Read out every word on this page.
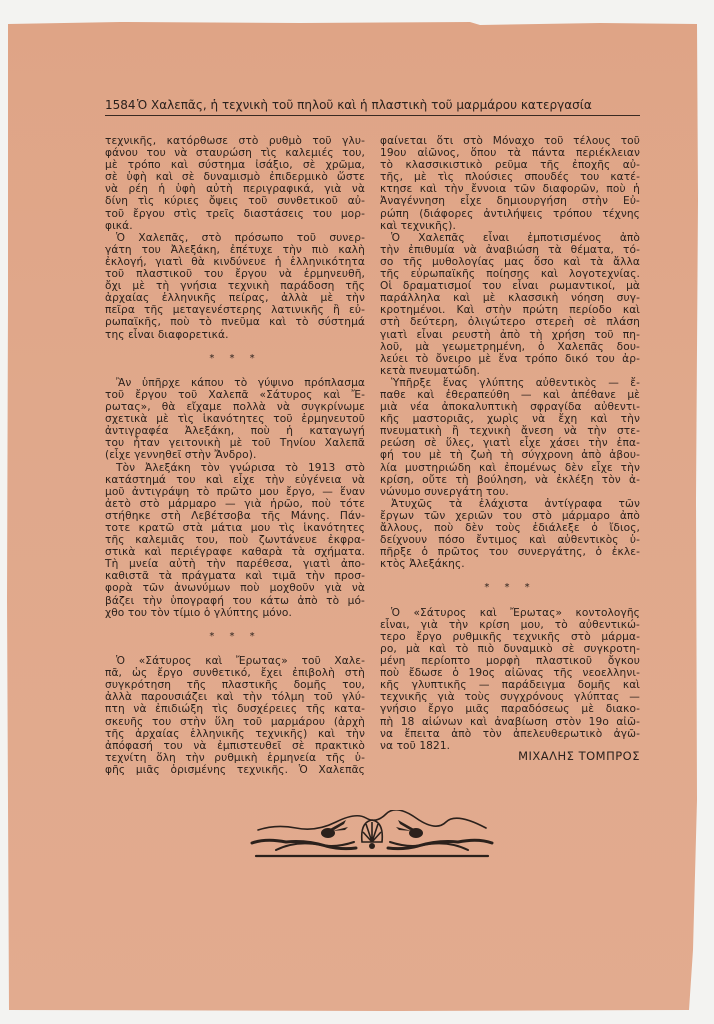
1584 Ὁ Χαλεπᾶς, ἡ τεχνικὴ τοῦ πηλοῦ καὶ ἡ πλαστικὴ τοῦ μαρμάρου κατεργασία
τεχνικῆς, κατόρθωσε στὸ ρυθμὸ τοῦ γλυ-
φάνου του νὰ σταυρώση τὶς καλεμιές του,
μὲ τρόπο καὶ σύστημα ἰσάξιο, σὲ χρῶμα,
σὲ ὑφὴ καὶ σὲ δυναμισμὸ ἐπιδερμικὸ ὥστε
νὰ ρέη ἡ ὑφὴ αὐτὴ περιγραφικά, γιὰ νὰ
δίνη τὶς κύριες ὄψεις τοῦ συνθετικοῦ αὐ-
τοῦ ἔργου στὶς τρεῖς διαστάσεις του μορ-
φικά.
Ὁ Χαλεπᾶς, στὸ πρόσωπο τοῦ συνερ-
γάτη του Ἀλεξάκη, ἐπέτυχε τὴν πιὸ καλὴ
ἐκλογή, γιατὶ θὰ κινδύνευε ἡ ἑλληνικότητα
τοῦ πλαστικοῦ του ἔργου νὰ ἑρμηνευθῆ,
ὄχι μὲ τὴ γνήσια τεχνικὴ παράδοση τῆς
ἀρχαίας ἑλληνικῆς πείρας, ἀλλὰ μὲ τὴν
πεῖρα τῆς μεταγενέστερης λατινικῆς ἢ εὐ-
ρωπαϊκῆς, ποὺ τὸ πνεῦμα καὶ τὸ σύστημά
της εἶναι διαφορετικά.
* * *
Ἂν ὑπῆρχε κάπου τὸ γύψινο πρόπλασμα
τοῦ ἔργου τοῦ Χαλεπᾶ «Σάτυρος καὶ Ἔ-
ρωτας», θὰ εἴχαμε πολλὰ νὰ συγκρίνωμε
σχετικὰ μὲ τὶς ἱκανότητες τοῦ ἑρμηνευτοῦ
ἀντιγραφέα Ἀλεξάκη, ποὺ ἡ καταγωγή
του ἦταν γειτονικὴ μὲ τοῦ Τηνίου Χαλεπᾶ
(εἶχε γεννηθεῖ στὴν Ἄνδρο).
Τὸν Ἀλεξάκη τὸν γνώρισα τὸ 1913 στὸ
κατάστημά του καὶ εἶχε τὴν εὐγένεια νὰ
μοῦ ἀντιγράψη τὸ πρῶτο μου ἔργο, — ἕναν
ἀετὸ στὸ μάρμαρο — γιὰ ἡρῶο, ποὺ τότε
στήθηκε στὴ Λεβέτσοβα τῆς Μάνης. Πάν-
τοτε κρατῶ στὰ μάτια μου τὶς ἱκανότητες
τῆς καλεμιᾶς του, ποὺ ζωντάνευε ἐκφρα-
στικὰ καὶ περιέγραφε καθαρὰ τὰ σχήματα.
Τὴ μνεία αὐτὴ τὴν παρέθεσα, γιατὶ ἀπο-
καθιστᾶ τὰ πράγματα καὶ τιμᾶ τὴν προσ-
φορὰ τῶν ἀνωνύμων ποὺ μοχθοῦν γιὰ νὰ
βάζει τὴν ὑπογραφή του κάτω ἀπὸ τὸ μό-
χθο του τὸν τίμιο ὁ γλύπτης μόνο.
* * *
Ὁ «Σάτυρος καὶ Ἔρωτας» τοῦ Χαλε-
πᾶ, ὡς ἔργο συνθετικό, ἔχει ἐπιβολὴ στὴ
συγκρότηση τῆς πλαστικῆς δομῆς του,
ἀλλὰ παρουσιάζει καὶ τὴν τόλμη τοῦ γλύ-
πτη νὰ ἐπιδιώξη τὶς δυσχέρειες τῆς κατα-
σκευῆς του στὴν ὕλη τοῦ μαρμάρου (ἀρχὴ
τῆς ἀρχαίας ἑλληνικῆς τεχνικῆς) καὶ τὴν
ἀπόφασή του νὰ ἐμπιστευθεῖ σὲ πρακτικὸ
τεχνίτη ὅλη τὴν ρυθμικὴ ἑρμηνεία τῆς ὑ-
φῆς μιᾶς ὁρισμένης τεχνικῆς. Ὁ Χαλεπᾶς
φαίνεται ὅτι στὸ Μόναχο τοῦ τέλους τοῦ
19ου αἰῶνος, ὅπου τὰ πάντα περιέκλειαν
τὸ κλασσικιστικὸ ρεῦμα τῆς ἐποχῆς αὐ-
τῆς, μὲ τὶς πλούσιες σπουδές του κατέ-
κτησε καὶ τὴν ἔννοια τῶν διαφορῶν, ποὺ ἡ
Ἀναγέννηση εἶχε δημιουργήση στὴν Εὐ-
ρώπη (διάφορες ἀντιλήψεις τρόπου τέχνης
καὶ τεχνικῆς).
Ὁ Χαλεπᾶς εἶναι ἐμποτισμένος ἀπὸ
τὴν ἐπιθυμία νὰ ἀναβιώση τὰ θέματα, τό-
σο τῆς μυθολογίας μας ὅσο καὶ τὰ ἄλλα
τῆς εὐρωπαϊκῆς ποίησης καὶ λογοτεχνίας.
Οἱ δραματισμοί του εἶναι ρωμαντικοί, μὰ
παράλληλα καὶ μὲ κλασσικὴ νόηση συγ-
κροτημένοι. Καὶ στὴν πρώτη περίοδο καὶ
στὴ δεύτερη, ὀλιγώτερο στερεὴ σὲ πλάση
γιατὶ εἶναι ρευστὴ ἀπὸ τὴ χρήση τοῦ πη-
λοῦ, μὰ γεωμετρημένη, ὁ Χαλεπᾶς δου-
λεύει τὸ ὄνειρο μὲ ἕνα τρόπο δικό του ἀρ-
κετὰ πνευματώδη.
Ὑπῆρξε ἕνας γλύπτης αὐθεντικὸς — ἔ-
παθε καὶ ἐθεραπεύθη — καὶ ἀπέθανε μὲ
μιὰ νέα ἀποκαλυπτικὴ σφραγίδα αὐθεντι-
κῆς μαστοριᾶς, χωρὶς νὰ ἔχη καὶ τὴν
πνευματικὴ ἢ τεχνικὴ ἄνεση νὰ τὴν στε-
ρεώση σὲ ὕλες, γιατὶ εἶχε χάσει τὴν ἐπα-
φή του μὲ τὴ ζωὴ τὴ σύγχρονη ἀπὸ ἀβου-
λία μυστηριώδη καὶ ἐπομένως δὲν εἶχε τὴν
κρίση, οὔτε τὴ βούληση, νὰ ἐκλέξη τὸν ἀ-
νώνυμο συνεργάτη του.
Ἀτυχῶς τὰ ἐλάχιστα ἀντίγραφα τῶν
ἔργων τῶν χεριῶν του στὸ μάρμαρο ἀπὸ
ἄλλους, ποὺ δὲν τοὺς ἐδιάλεξε ὁ ἴδιος,
δείχνουν πόσο ἔντιμος καὶ αὐθεντικὸς ὑ-
πῆρξε ὁ πρῶτος του συνεργάτης, ὁ ἐκλε-
κτὸς Ἀλεξάκης.
* * *
Ὁ «Σάτυρος καὶ Ἔρωτας» κοντολογῆς
εἶναι, γιὰ τὴν κρίση μου, τὸ αὐθεντικώ-
τερο ἔργο ρυθμικῆς τεχνικῆς στὸ μάρμα-
ρο, μὰ καὶ τὸ πιὸ δυναμικὸ σὲ συγκροτη-
μένη περίοπτο μορφὴ πλαστικοῦ ὄγκου
ποὺ ἔδωσε ὁ 19ος αἰῶνας τῆς νεοελληνι-
κῆς γλυπτικῆς — παράδειγμα δομῆς καὶ
τεχνικῆς γιὰ τοὺς συγχρόνους γλύπτας —
γνήσιο ἔργο μιᾶς παραδόσεως μὲ διακο-
πὴ 18 αἰώνων καὶ ἀναβίωση στὸν 19ο αἰῶ-
να ἔπειτα ἀπὸ τὸν ἀπελευθερωτικὸ ἀγῶ-
να τοῦ 1821.
ΜΙΧΑΛΗΣ ΤΟΜΠΡΟΣ
